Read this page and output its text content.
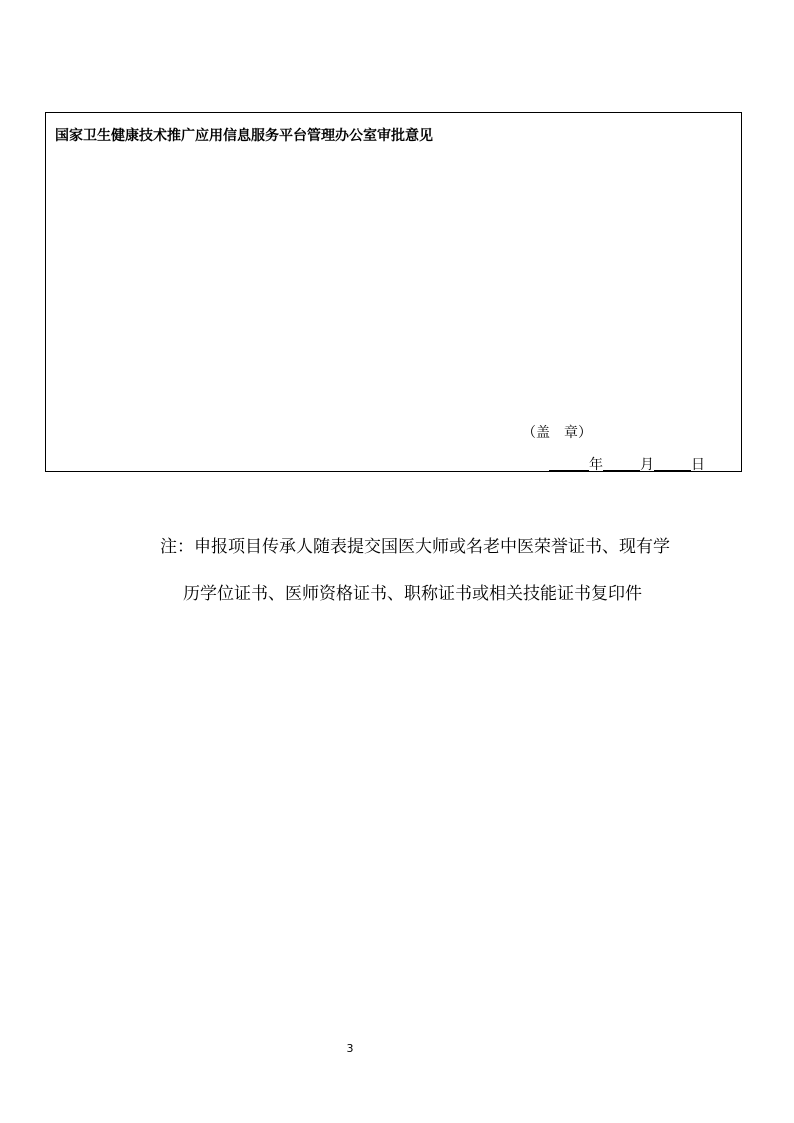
国家卫生健康技术推广应用信息服务平台管理办公室审批意见
（盖 章）
年	月	日
注：申报项目传承人随表提交国医大师或名老中医荣誉证书、现有学
历学位证书、医师资格证书、职称证书或相关技能证书复印件
3
